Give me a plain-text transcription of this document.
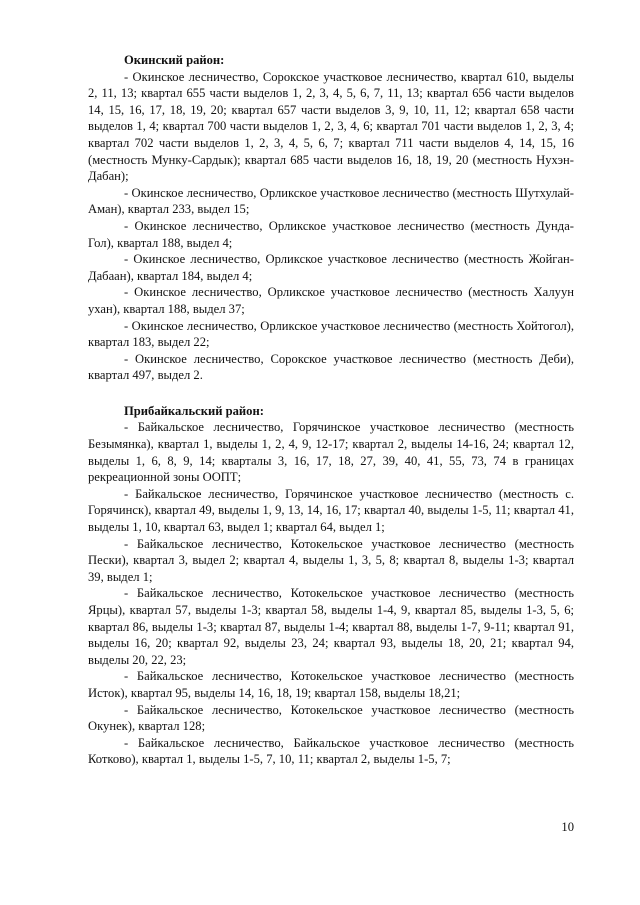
Окинский район:

- Окинское лесничество, Сорокское участковое лесничество, квартал 610, выделы 2, 11, 13; квартал 655 части выделов 1, 2, 3, 4, 5, 6, 7, 11, 13; квартал 656 части выделов 14, 15, 16, 17, 18, 19, 20; квартал 657 части выделов 3, 9, 10, 11, 12; квартал 658 части выделов 1, 4; квартал 700 части выделов 1, 2, 3, 4, 6; квартал 701 части выделов 1, 2, 3, 4; квартал 702 части выделов 1, 2, 3, 4, 5, 6, 7; квартал 711 части выделов 4, 14, 15, 16 (местность Мунку-Сардык); квартал 685 части выделов 16, 18, 19, 20 (местность Нухэн-Дабан);

- Окинское лесничество, Орликское участковое лесничество (местность Шутхулай-Аман), квартал 233, выдел 15;

- Окинское лесничество, Орликское участковое лесничество (местность Дунда-Гол), квартал 188, выдел 4;

- Окинское лесничество, Орликское участковое лесничество (местность Жойган-Дабаан), квартал 184, выдел 4;

- Окинское лесничество, Орликское участковое лесничество (местность Халуун ухан), квартал 188, выдел 37;

- Окинское лесничество, Орликское участковое лесничество (местность Хойтогол), квартал 183, выдел 22;

- Окинское лесничество, Сорокское участковое лесничество (местность Деби), квартал 497, выдел 2.

Прибайкальский район:

- Байкальское лесничество, Горячинское участковое лесничество (местность Безымянка), квартал 1, выделы 1, 2, 4, 9, 12-17; квартал 2, выделы 14-16, 24; квартал 12, выделы 1, 6, 8, 9, 14; кварталы 3, 16, 17, 18, 27, 39, 40, 41, 55, 73, 74 в границах рекреационной зоны ООПТ;

- Байкальское лесничество, Горячинское участковое лесничество (местность с. Горячинск), квартал 49, выделы 1, 9, 13, 14, 16, 17; квартал 40, выделы 1-5, 11; квартал 41, выделы 1, 10, квартал 63, выдел 1; квартал 64, выдел 1;

- Байкальское лесничество, Котокельское участковое лесничество (местность Пески), квартал 3, выдел 2; квартал 4, выделы 1, 3, 5, 8; квартал 8, выделы 1-3; квартал 39, выдел 1;

- Байкальское лесничество, Котокельское участковое лесничество (местность Ярцы), квартал 57, выделы 1-3; квартал 58, выделы 1-4, 9, квартал 85, выделы 1-3, 5, 6; квартал 86, выделы 1-3; квартал 87, выделы 1-4; квартал 88, выделы 1-7, 9-11; квартал 91, выделы 16, 20; квартал 92, выделы 23, 24; квартал 93, выделы 18, 20, 21; квартал 94, выделы 20, 22, 23;

- Байкальское лесничество, Котокельское участковое лесничество (местность Исток), квартал 95, выделы 14, 16, 18, 19; квартал 158, выделы 18,21;

- Байкальское лесничество, Котокельское участковое лесничество (местность Окунек), квартал 128;

- Байкальское лесничество, Байкальское участковое лесничество (местность Котково), квартал 1, выделы 1-5, 7, 10, 11; квартал 2, выделы 1-5, 7;

10
